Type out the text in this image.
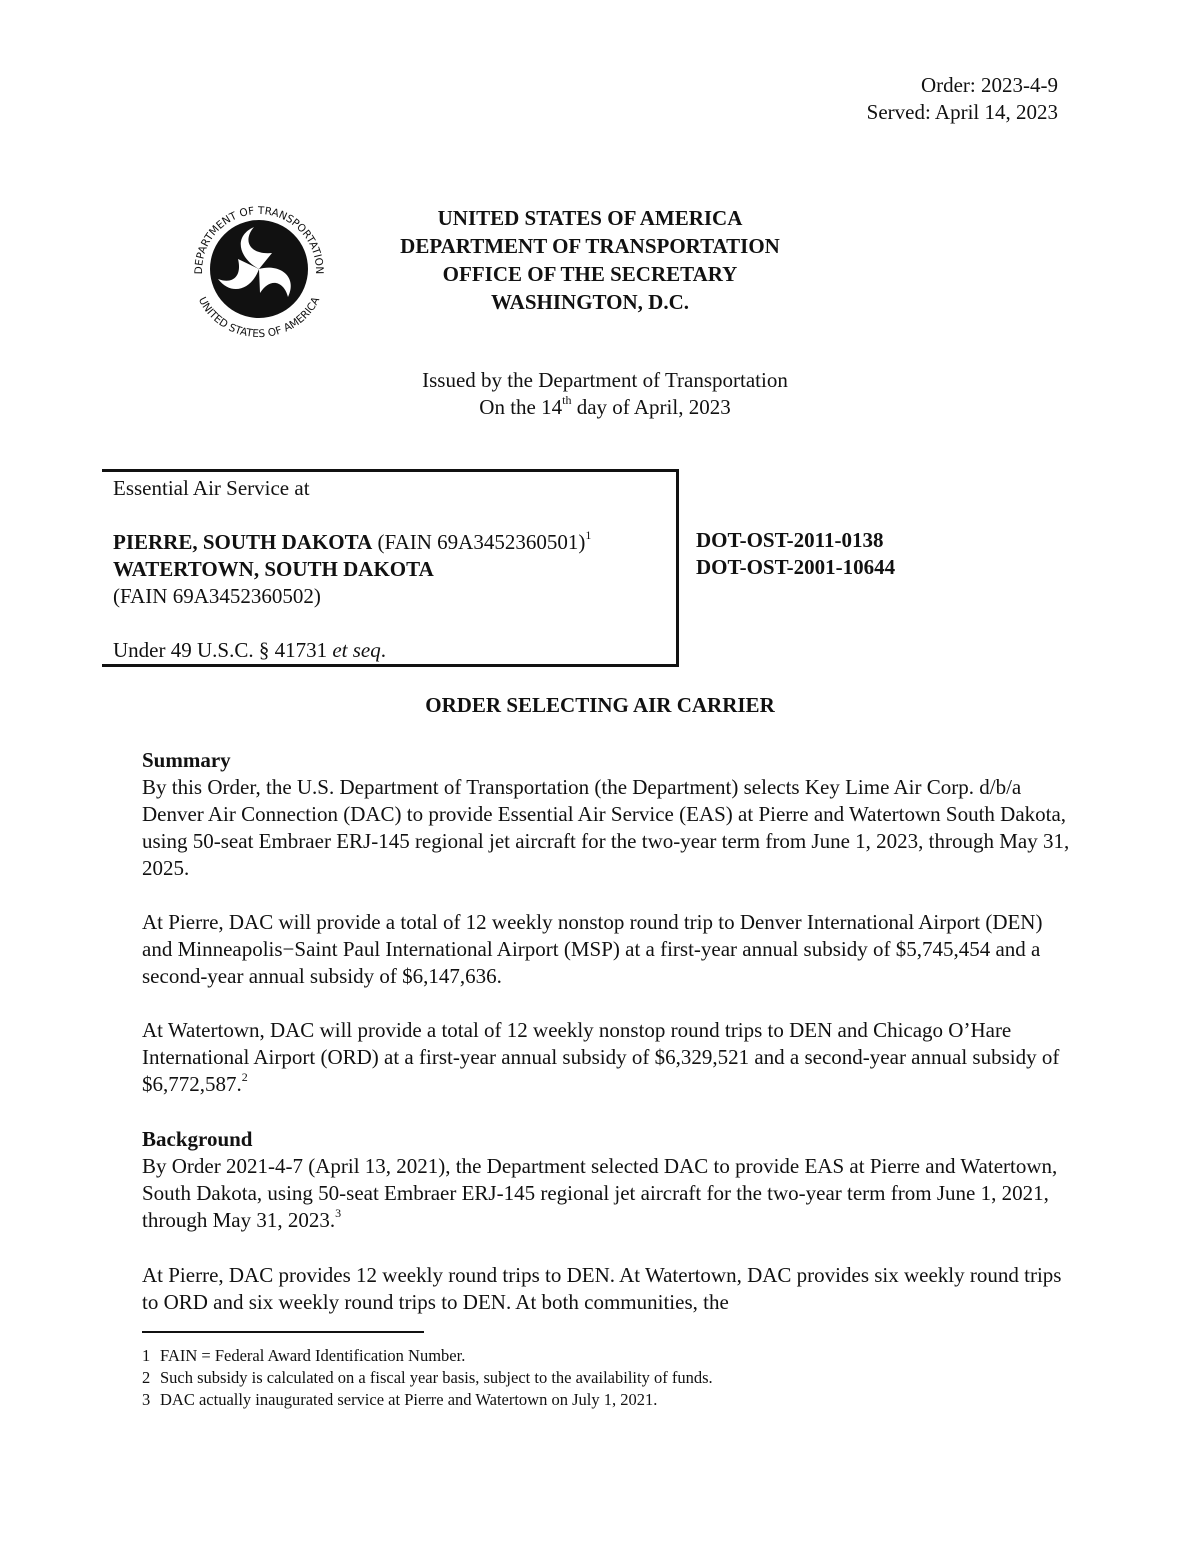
Order: 2023-4-9
Served: April 14, 2023
DEPARTMENT OF TRANSPORTATION
UNITED STATES OF AMERICA
UNITED STATES OF AMERICA
DEPARTMENT OF TRANSPORTATION
OFFICE OF THE SECRETARY
WASHINGTON, D.C.
Issued by the Department of Transportation
On the 14th day of April, 2023
Essential Air Service at
PIERRE, SOUTH DAKOTA (FAIN 69A3452360501)$^1$
WATERTOWN, SOUTH DAKOTA
(FAIN 69A3452360502)
Under 49 U.S.C. § 41731 et seq.
DOT-OST-2011-0138
DOT-OST-2001-10644
ORDER SELECTING AIR CARRIER
Summary

By this Order, the U.S. Department of Transportation (the Department) selects Key Lime Air Corp. d/b/a Denver Air Connection (DAC) to provide Essential Air Service (EAS) at Pierre and Watertown South Dakota, using 50-seat Embraer ERJ-145 regional jet aircraft for the two-year term from June 1, 2023, through May 31, 2025.

At Pierre, DAC will provide a total of 12 weekly nonstop round trip to Denver International Airport (DEN) and Minneapolis−Saint Paul International Airport (MSP) at a first-year annual subsidy of $5,745,454 and a second-year annual subsidy of $6,147,636.

At Watertown, DAC will provide a total of 12 weekly nonstop round trips to DEN and Chicago O’Hare International Airport (ORD) at a first-year annual subsidy of $6,329,521 and a second-year annual subsidy of $6,772,587.$^2$

Background

By Order 2021-4-7 (April 13, 2021), the Department selected DAC to provide EAS at Pierre and Watertown, South Dakota, using 50-seat Embraer ERJ-145 regional jet aircraft for the two-year term from June 1, 2021, through May 31, 2023.$^3$

At Pierre, DAC provides 12 weekly round trips to DEN. At Watertown, DAC provides six weekly round trips to ORD and six weekly round trips to DEN. At both communities, the

1 FAIN = Federal Award Identification Number.
2 Such subsidy is calculated on a fiscal year basis, subject to the availability of funds.
3 DAC actually inaugurated service at Pierre and Watertown on July 1, 2021.
